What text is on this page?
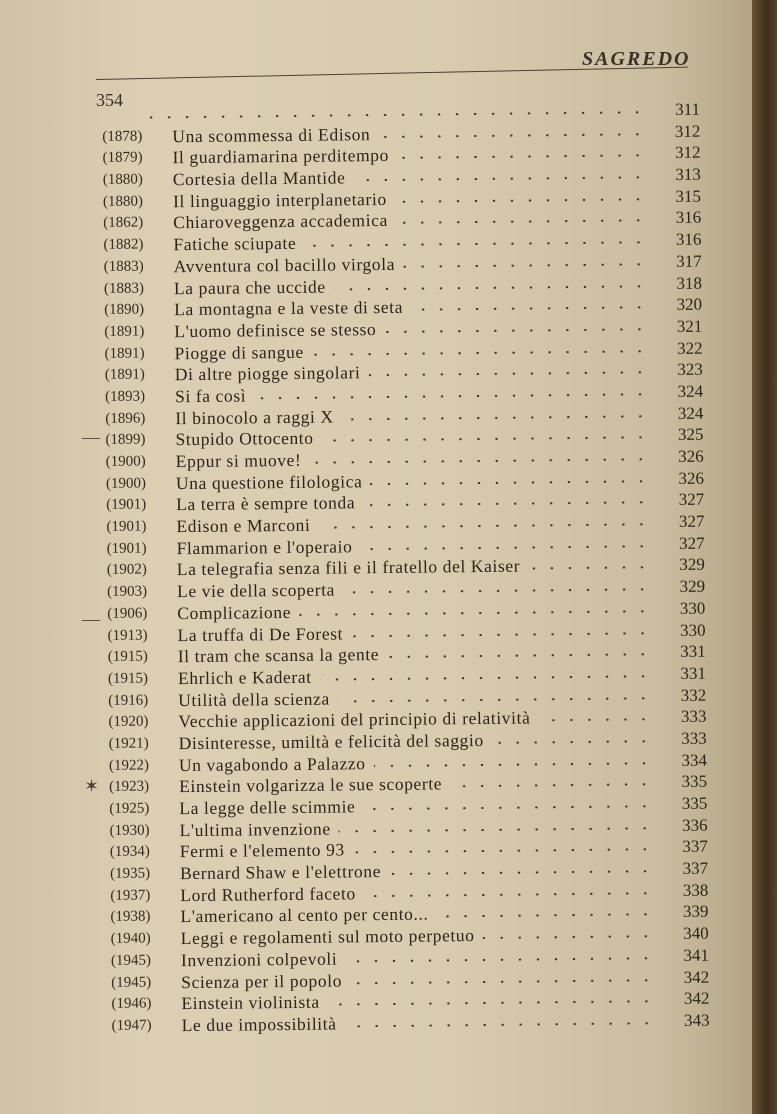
SAGREDO
354
—
—
✶
311
(1878) Una scommessa di Edison	312
(1879) Il guardiamarina perditempo	312
(1880) Cortesia della Mantide	313
(1880) Il linguaggio interplanetario	315
(1862) Chiaroveggenza accademica	316
(1882) Fatiche sciupate	316
(1883) Avventura col bacillo virgola	317
(1883) La paura che uccide	318
(1890) La montagna e la veste di seta	320
(1891) L'uomo definisce se stesso	321
(1891) Piogge di sangue	322
(1891) Di altre piogge singolari	323
(1893) Si fa così	324
(1896) Il binocolo a raggi X	324
(1899) Stupido Ottocento	325
(1900) Eppur si muove!	326
(1900) Una questione filologica	326
(1901) La terra è sempre tonda	327
(1901) Edison e Marconi	327
(1901) Flammarion e l'operaio	327
(1902) La telegrafia senza fili e il fratello del Kaiser	329
(1903) Le vie della scoperta	329
(1906) Complicazione	330
(1913) La truffa di De Forest	330
(1915) Il tram che scansa la gente	331
(1915) Ehrlich e Kaderat	331
(1916) Utilità della scienza	332
(1920) Vecchie applicazioni del principio di relatività	333
(1921) Disinteresse, umiltà e felicità del saggio	333
(1922) Un vagabondo a Palazzo	334
(1923) Einstein volgarizza le sue scoperte	335
(1925) La legge delle scimmie	335
(1930) L'ultima invenzione	336
(1934) Fermi e l'elemento 93	337
(1935) Bernard Shaw e l'elettrone	337
(1937) Lord Rutherford faceto	338
(1938) L'americano al cento per cento...	339
(1940) Leggi e regolamenti sul moto perpetuo	340
(1945) Invenzioni colpevoli	341
(1945) Scienza per il popolo	342
(1946) Einstein violinista	342
(1947) Le due impossibilità	343
